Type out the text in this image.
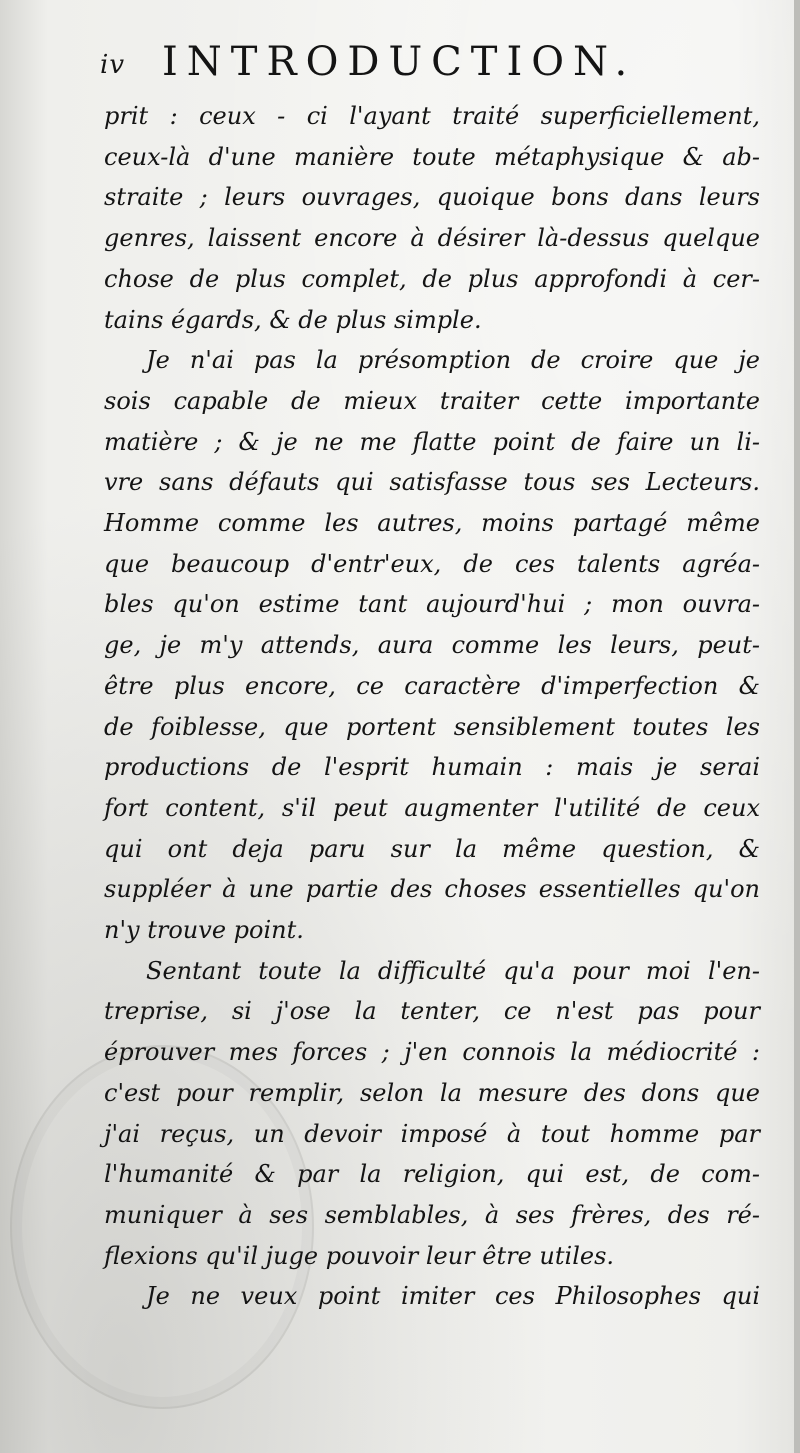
iv INTRODUCTION.
prit : ceux - ci l'ayant traité superficiellement,
ceux-là d'une manière toute métaphysique & ab-
straite ; leurs ouvrages, quoique bons dans leurs
genres, laissent encore à désirer là-dessus quelque
chose de plus complet, de plus approfondi à cer-
tains égards, & de plus simple.
Je n'ai pas la présomption de croire que je
sois capable de mieux traiter cette importante
matière ; & je ne me flatte point de faire un li-
vre sans défauts qui satisfasse tous ses Lecteurs.
Homme comme les autres, moins partagé même
que beaucoup d'entr'eux, de ces talents agréa-
bles qu'on estime tant aujourd'hui ; mon ouvra-
ge, je m'y attends, aura comme les leurs, peut-
être plus encore, ce caractère d'imperfection &
de foiblesse, que portent sensiblement toutes les
productions de l'esprit humain : mais je serai
fort content, s'il peut augmenter l'utilité de ceux
qui ont deja paru sur la même question, &
suppléer à une partie des choses essentielles qu'on
n'y trouve point.
Sentant toute la difficulté qu'a pour moi l'en-
treprise, si j'ose la tenter, ce n'est pas pour
éprouver mes forces ; j'en connois la médiocrité :
c'est pour remplir, selon la mesure des dons que
j'ai reçus, un devoir imposé à tout homme par
l'humanité & par la religion, qui est, de com-
muniquer à ses semblables, à ses frères, des ré-
flexions qu'il juge pouvoir leur être utiles.
Je ne veux point imiter ces Philosophes qui
